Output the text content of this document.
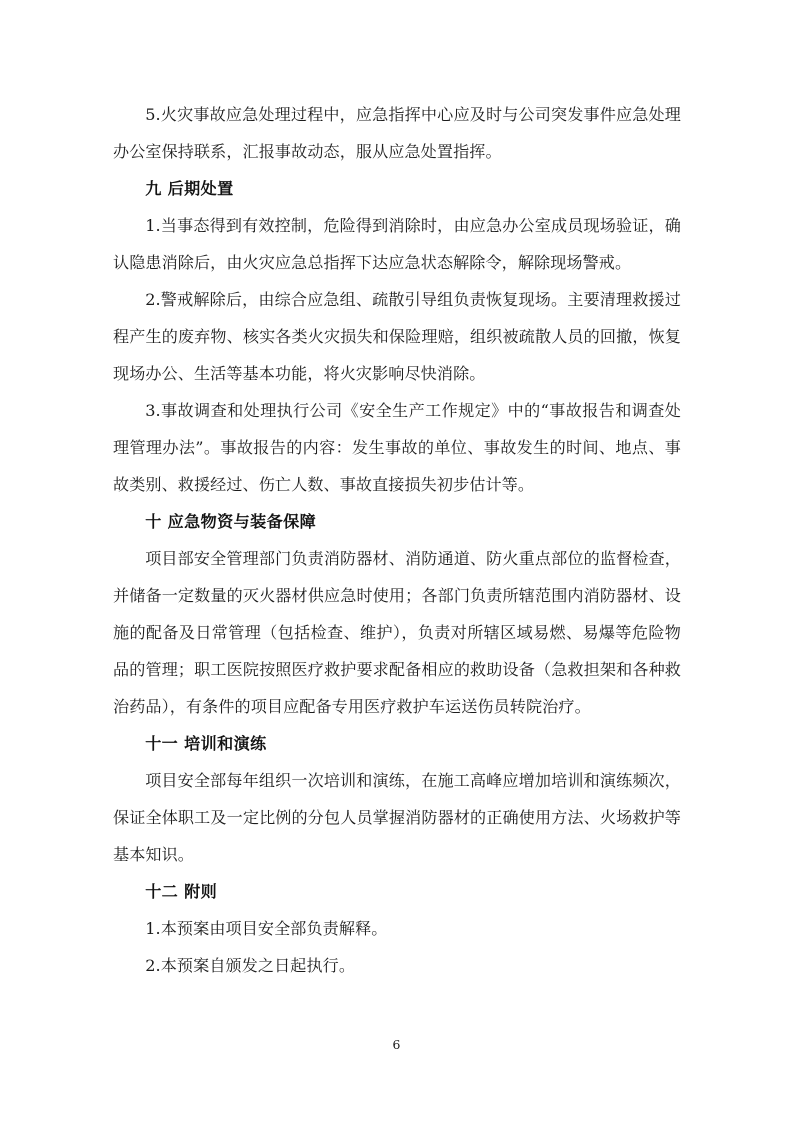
5.火灾事故应急处理过程中，应急指挥中心应及时与公司突发事件应急处理办公室保持联系，汇报事故动态，服从应急处置指挥。

九 后期处置

1.当事态得到有效控制，危险得到消除时，由应急办公室成员现场验证，确认隐患消除后，由火灾应急总指挥下达应急状态解除令，解除现场警戒。

2.警戒解除后，由综合应急组、疏散引导组负责恢复现场。主要清理救援过程产生的废弃物、核实各类火灾损失和保险理赔，组织被疏散人员的回撤，恢复现场办公、生活等基本功能，将火灾影响尽快消除。

3.事故调查和处理执行公司《安全生产工作规定》中的“事故报告和调查处理管理办法”。事故报告的内容：发生事故的单位、事故发生的时间、地点、事故类别、救援经过、伤亡人数、事故直接损失初步估计等。

十 应急物资与装备保障

项目部安全管理部门负责消防器材、消防通道、防火重点部位的监督检查，并储备一定数量的灭火器材供应急时使用；各部门负责所辖范围内消防器材、设施的配备及日常管理（包括检查、维护），负责对所辖区域易燃、易爆等危险物品的管理；职工医院按照医疗救护要求配备相应的救助设备（急救担架和各种救治药品），有条件的项目应配备专用医疗救护车运送伤员转院治疗。

十一 培训和演练

项目安全部每年组织一次培训和演练，在施工高峰应增加培训和演练频次，保证全体职工及一定比例的分包人员掌握消防器材的正确使用方法、火场救护等基本知识。

十二 附则

1.本预案由项目安全部负责解释。

2.本预案自颁发之日起执行。

6
